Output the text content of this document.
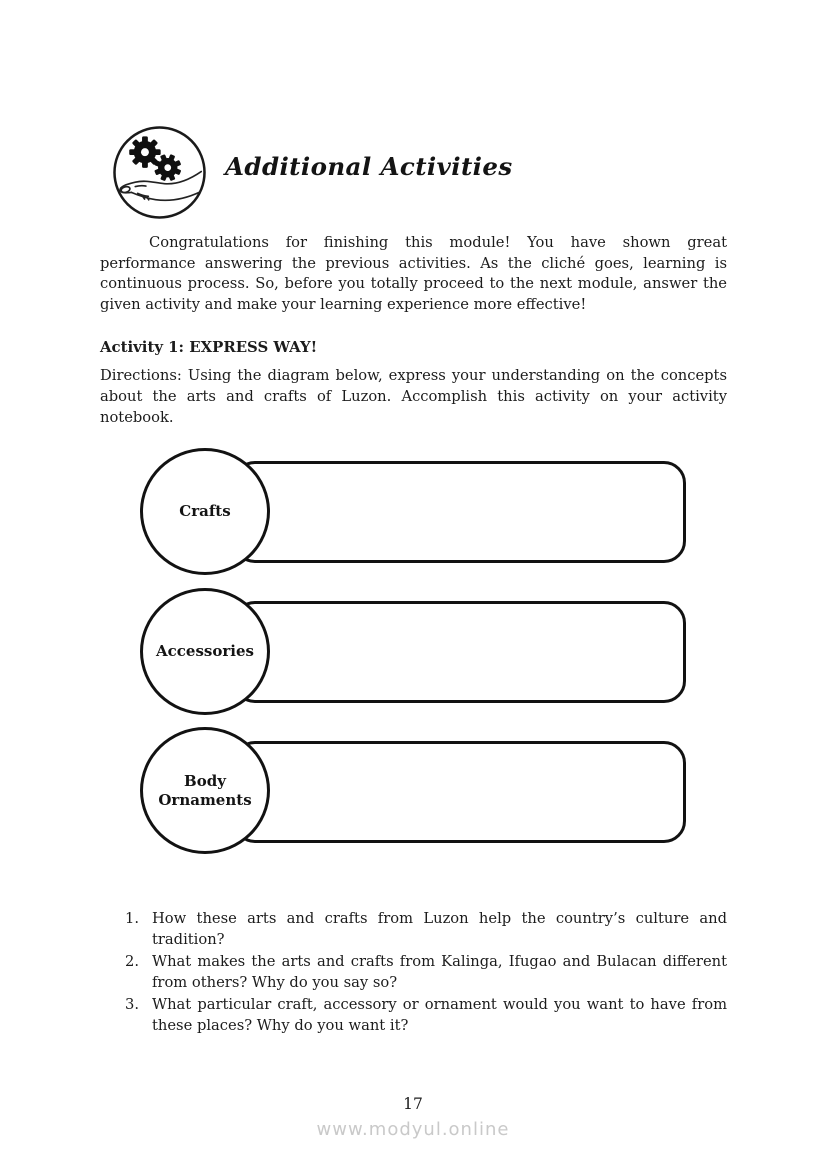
Additional Activities

Congratulations for finishing this module! You have shown great performance answering the previous activities. As the cliché goes, learning is continuous process. So, before you totally proceed to the next module, answer the given activity and make your learning experience more effective!

Activity 1: EXPRESS WAY!

Directions: Using the diagram below, express your understanding on the concepts about the arts and crafts of Luzon. Accomplish this activity on your activity notebook.

Crafts
Accessories
Body Ornaments
1. How these arts and crafts from Luzon help the country’s culture and tradition?
2. What makes the arts and crafts from Kalinga, Ifugao and Bulacan different from others? Why do you say so?
3. What particular craft, accessory or ornament would you want to have from these places? Why do you want it?
17
www.modyul.online
